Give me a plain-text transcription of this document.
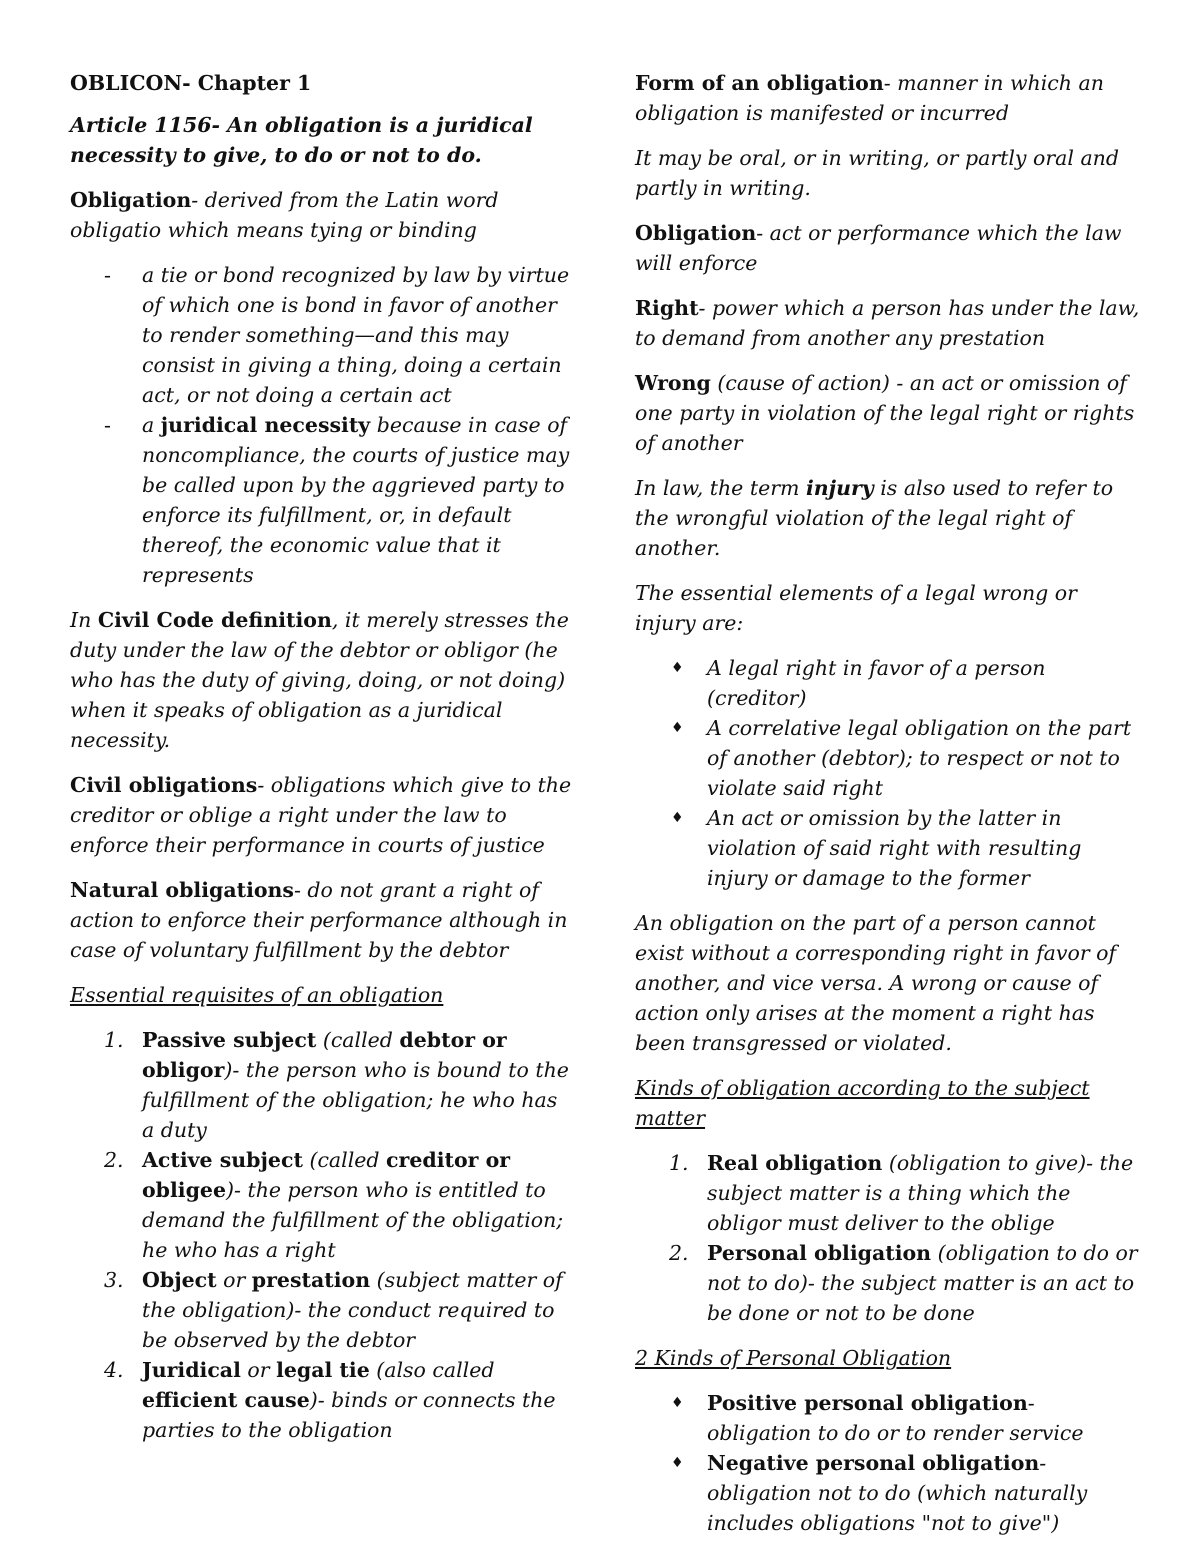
OBLICON- Chapter 1

Article 1156- An obligation is a juridical necessity to give, to do or not to do.

Obligation- derived from the Latin word obligatio which means tying or binding

- a tie or bond recognized by law by virtue of which one is bond in favor of another to render something—and this may consist in giving a thing, doing a certain act, or not doing a certain act
- a juridical necessity because in case of noncompliance, the courts of justice may be called upon by the aggrieved party to enforce its fulfillment, or, in default thereof, the economic value that it represents

In Civil Code definition, it merely stresses the duty under the law of the debtor or obligor (he who has the duty of giving, doing, or not doing) when it speaks of obligation as a juridical necessity.

Civil obligations- obligations which give to the creditor or oblige a right under the law to enforce their performance in courts of justice

Natural obligations- do not grant a right of action to enforce their performance although in case of voluntary fulfillment by the debtor

Essential requisites of an obligation

1. Passive subject (called debtor or obligor)- the person who is bound to the fulfillment of the obligation; he who has a duty
2. Active subject (called creditor or obligee)- the person who is entitled to demand the fulfillment of the obligation; he who has a right
3. Object or prestation (subject matter of the obligation)- the conduct required to be observed by the debtor
4. Juridical or legal tie (also called efficient cause)- binds or connects the parties to the obligation

Form of an obligation- manner in which an obligation is manifested or incurred

It may be oral, or in writing, or partly oral and partly in writing.

Obligation- act or performance which the law will enforce

Right- power which a person has under the law, to demand from another any prestation

Wrong (cause of action) - an act or omission of one party in violation of the legal right or rights of another

In law, the term injury is also used to refer to the wrongful violation of the legal right of another.

The essential elements of a legal wrong or injury are:

♦ A legal right in favor of a person (creditor)
♦ A correlative legal obligation on the part of another (debtor); to respect or not to violate said right
♦ An act or omission by the latter in violation of said right with resulting injury or damage to the former

An obligation on the part of a person cannot exist without a corresponding right in favor of another, and vice versa. A wrong or cause of action only arises at the moment a right has been transgressed or violated.

Kinds of obligation according to the subject matter

1. Real obligation (obligation to give)- the subject matter is a thing which the obligor must deliver to the oblige
2. Personal obligation (obligation to do or not to do)- the subject matter is an act to be done or not to be done

2 Kinds of Personal Obligation

♦ Positive personal obligation- obligation to do or to render service
♦ Negative personal obligation- obligation not to do (which naturally includes obligations "not to give")
